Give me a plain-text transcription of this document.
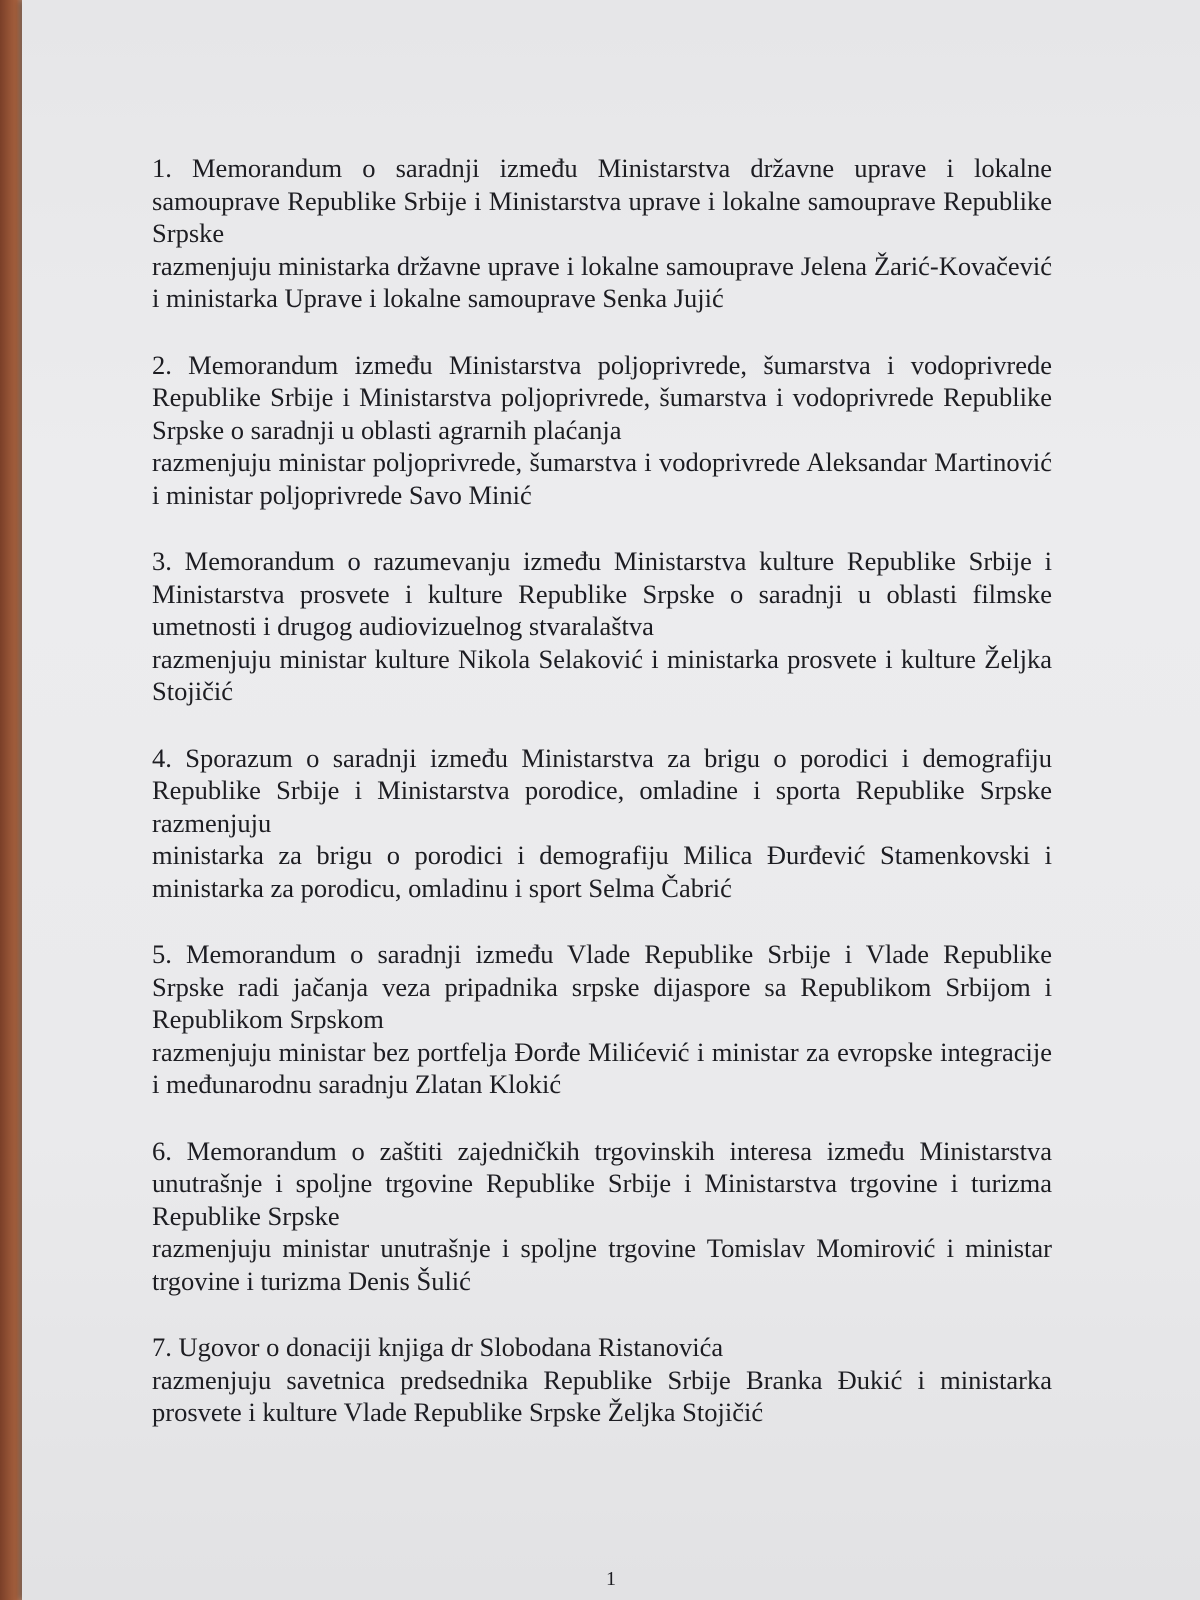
1. Memorandum o saradnji između Ministarstva državne uprave i lokalne samouprave Republike Srbije i Ministarstva uprave i lokalne samouprave Republike Srpske

razmenjuju ministarka državne uprave i lokalne samouprave Jelena Žarić-Kovačević i ministarka Uprave i lokalne samouprave Senka Jujić

2. Memorandum između Ministarstva poljoprivrede, šumarstva i vodoprivrede Republike Srbije i Ministarstva poljoprivrede, šumarstva i vodoprivrede Republike Srpske o saradnji u oblasti agrarnih plaćanja

razmenjuju ministar poljoprivrede, šumarstva i vodoprivrede Aleksandar Martinović i ministar poljoprivrede Savo Minić

3. Memorandum o razumevanju između Ministarstva kulture Republike Srbije i Ministarstva prosvete i kulture Republike Srpske o saradnji u oblasti filmske umetnosti i drugog audiovizuelnog stvaralaštva

razmenjuju ministar kulture Nikola Selaković i ministarka prosvete i kulture Željka Stojičić

4. Sporazum o saradnji između Ministarstva za brigu o porodici i demografiju Republike Srbije i Ministarstva porodice, omladine i sporta Republike Srpske razmenjuju

ministarka za brigu o porodici i demografiju Milica Đurđević Stamenkovski i ministarka za porodicu, omladinu i sport Selma Čabrić

5. Memorandum o saradnji između Vlade Republike Srbije i Vlade Republike Srpske radi jačanja veza pripadnika srpske dijaspore sa Republikom Srbijom i Republikom Srpskom

razmenjuju ministar bez portfelja Đorđe Milićević i ministar za evropske integracije i međunarodnu saradnju Zlatan Klokić

6. Memorandum o zaštiti zajedničkih trgovinskih interesa između Ministarstva unutrašnje i spoljne trgovine Republike Srbije i Ministarstva trgovine i turizma Republike Srpske

razmenjuju ministar unutrašnje i spoljne trgovine Tomislav Momirović i ministar trgovine i turizma Denis Šulić

7. Ugovor o donaciji knjiga dr Slobodana Ristanovića

razmenjuju savetnica predsednika Republike Srbije Branka Đukić i ministarka prosvete i kulture Vlade Republike Srpske Željka Stojičić

1
